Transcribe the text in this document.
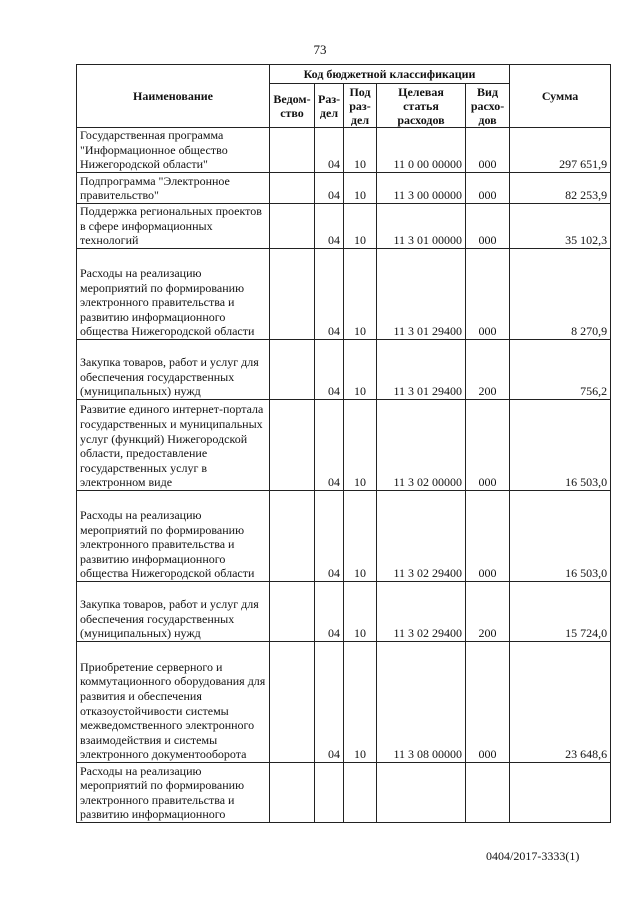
73
Наименование	Код бюджетной классификации					Сумма
	Ведом-ство	Раз-дел	Под раз-дел	Целевая статья расходов	Вид расхо-дов	
Государственная программа "Информационное общество Нижегородской области"		04	10	11 0 00 00000	000	297 651,9
Подпрограмма "Электронное правительство"		04	10	11 3 00 00000	000	82 253,9
Поддержка региональных проектов в сфере информационных технологий		04	10	11 3 01 00000	000	35 102,3
Расходы на реализацию мероприятий по формированию электронного правительства и развитию информационного общества Нижегородской области		04	10	11 3 01 29400	000	8 270,9
Закупка товаров, работ и услуг для обеспечения государственных (муниципальных) нужд		04	10	11 3 01 29400	200	756,2
Развитие единого интернет-портала государственных и муниципальных услуг (функций) Нижегородской области, предоставление государственных услуг в электронном виде		04	10	11 3 02 00000	000	16 503,0
Расходы на реализацию мероприятий по формированию электронного правительства и развитию информационного общества Нижегородской области		04	10	11 3 02 29400	000	16 503,0
Закупка товаров, работ и услуг для обеспечения государственных (муниципальных) нужд		04	10	11 3 02 29400	200	15 724,0
Приобретение серверного и коммутационного оборудования для развития и обеспечения отказоустойчивости системы межведомственного электронного взаимодействия и системы электронного документооборота		04	10	11 3 08 00000	000	23 648,6
Расходы на реализацию мероприятий по формированию электронного правительства и развитию информационного						
0404/2017-3333(1)
